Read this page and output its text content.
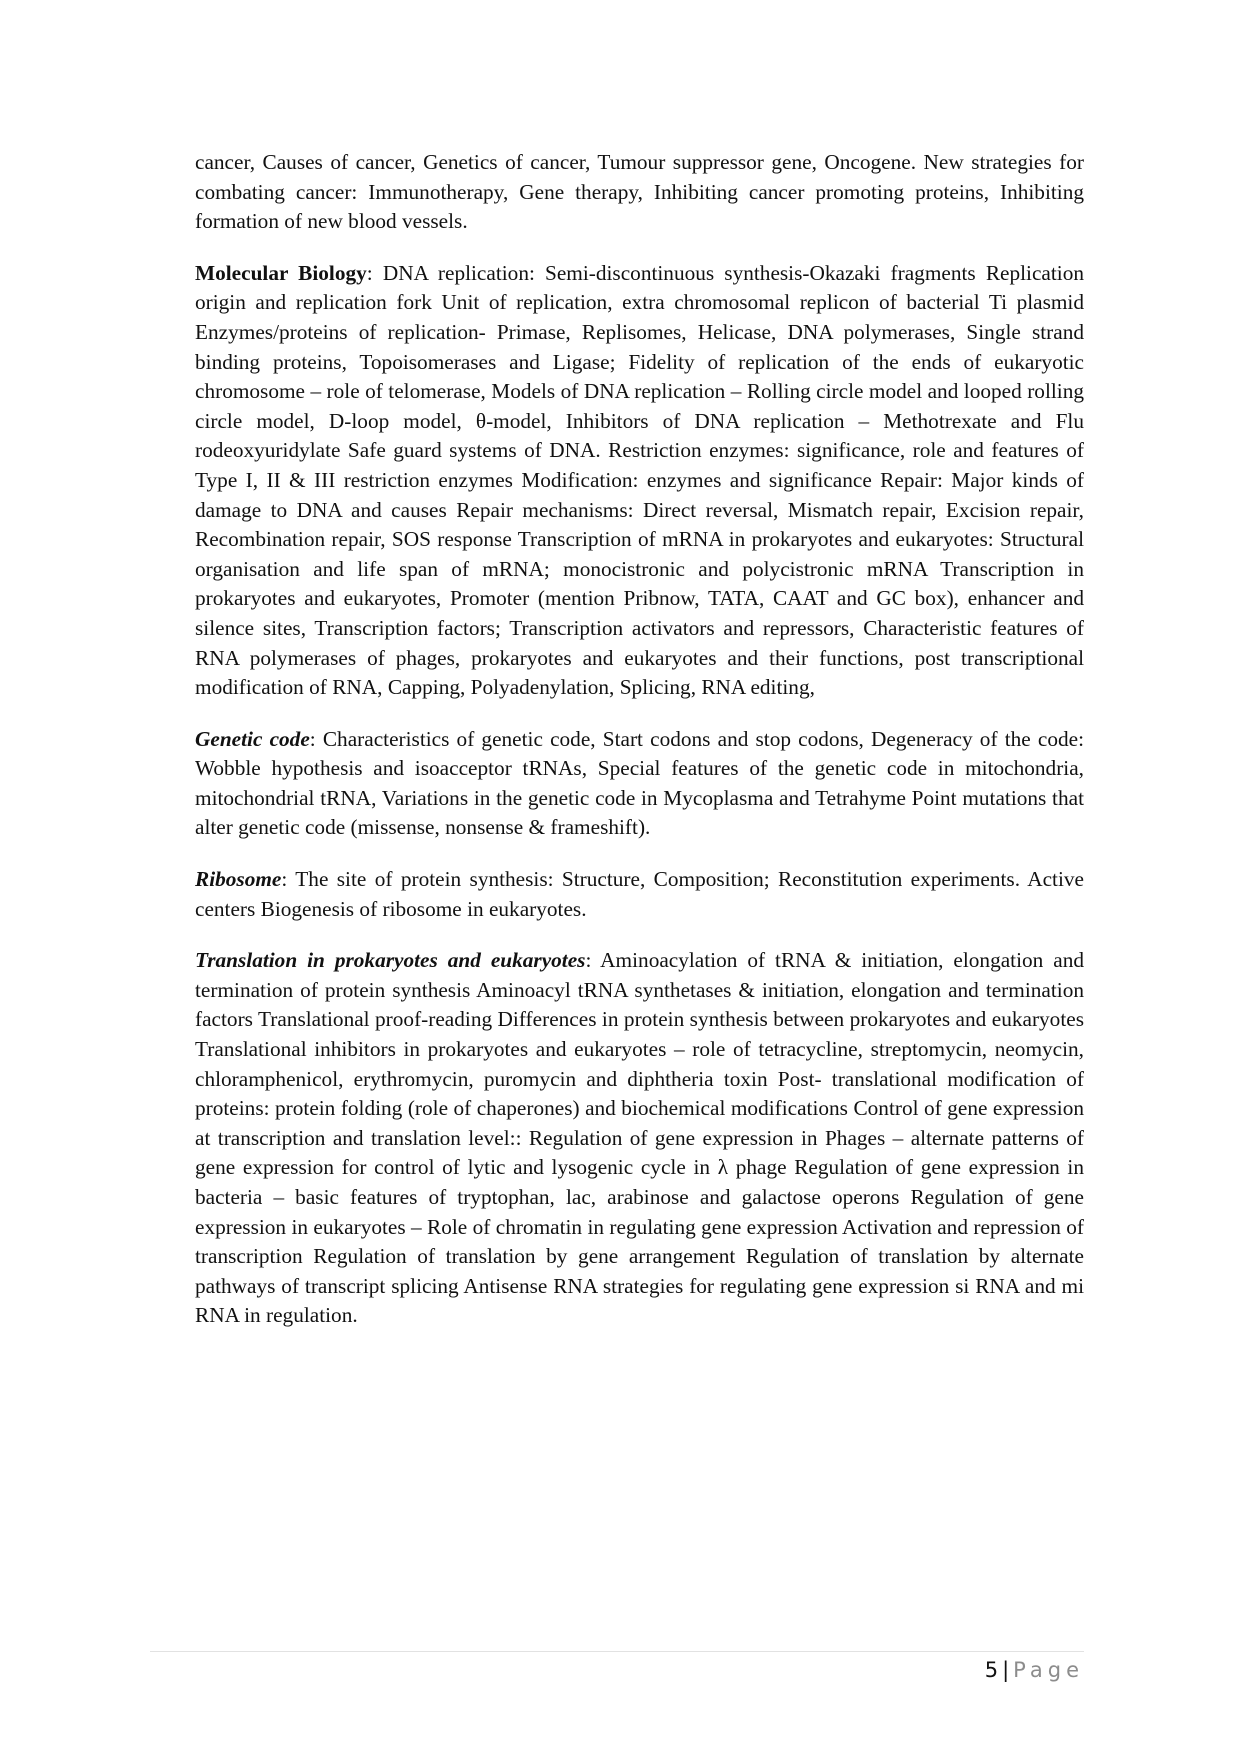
cancer, Causes of cancer, Genetics of cancer, Tumour suppressor gene, Oncogene. New strategies for combating cancer: Immunotherapy, Gene therapy, Inhibiting cancer promoting proteins, Inhibiting formation of new blood vessels.

Molecular Biology: DNA replication: Semi-discontinuous synthesis-Okazaki fragments Replication origin and replication fork Unit of replication, extra chromosomal replicon of bacterial Ti plasmid Enzymes/proteins of replication- Primase, Replisomes, Helicase, DNA polymerases, Single strand binding proteins, Topoisomerases and Ligase; Fidelity of replication of the ends of eukaryotic chromosome – role of telomerase, Models of DNA replication – Rolling circle model and looped rolling circle model, D-loop model, θ-model, Inhibitors of DNA replication – Methotrexate and Flu rodeoxyuridylate Safe guard systems of DNA. Restriction enzymes: significance, role and features of Type I, II & III restriction enzymes Modification: enzymes and significance Repair: Major kinds of damage to DNA and causes Repair mechanisms: Direct reversal, Mismatch repair, Excision repair, Recombination repair, SOS response Transcription of mRNA in prokaryotes and eukaryotes: Structural organisation and life span of mRNA; monocistronic and polycistronic mRNA Transcription in prokaryotes and eukaryotes, Promoter (mention Pribnow, TATA, CAAT and GC box), enhancer and silence sites, Transcription factors; Transcription activators and repressors, Characteristic features of RNA polymerases of phages, prokaryotes and eukaryotes and their functions, post transcriptional modification of RNA, Capping, Polyadenylation, Splicing, RNA editing,

Genetic code: Characteristics of genetic code, Start codons and stop codons, Degeneracy of the code: Wobble hypothesis and isoacceptor tRNAs, Special features of the genetic code in mitochondria, mitochondrial tRNA, Variations in the genetic code in Mycoplasma and Tetrahyme Point mutations that alter genetic code (missense, nonsense & frameshift).

Ribosome: The site of protein synthesis: Structure, Composition; Reconstitution experiments. Active centers Biogenesis of ribosome in eukaryotes.

Translation in prokaryotes and eukaryotes: Aminoacylation of tRNA & initiation, elongation and termination of protein synthesis Aminoacyl tRNA synthetases & initiation, elongation and termination factors Translational proof-reading Differences in protein synthesis between prokaryotes and eukaryotes Translational inhibitors in prokaryotes and eukaryotes – role of tetracycline, streptomycin, neomycin, chloramphenicol, erythromycin, puromycin and diphtheria toxin Post- translational modification of proteins: protein folding (role of chaperones) and biochemical modifications Control of gene expression at transcription and translation level:: Regulation of gene expression in Phages – alternate patterns of gene expression for control of lytic and lysogenic cycle in λ phage Regulation of gene expression in bacteria – basic features of tryptophan, lac, arabinose and galactose operons Regulation of gene expression in eukaryotes – Role of chromatin in regulating gene expression Activation and repression of transcription Regulation of translation by gene arrangement Regulation of translation by alternate pathways of transcript splicing Antisense RNA strategies for regulating gene expression si RNA and mi RNA in regulation.

5 | Page
